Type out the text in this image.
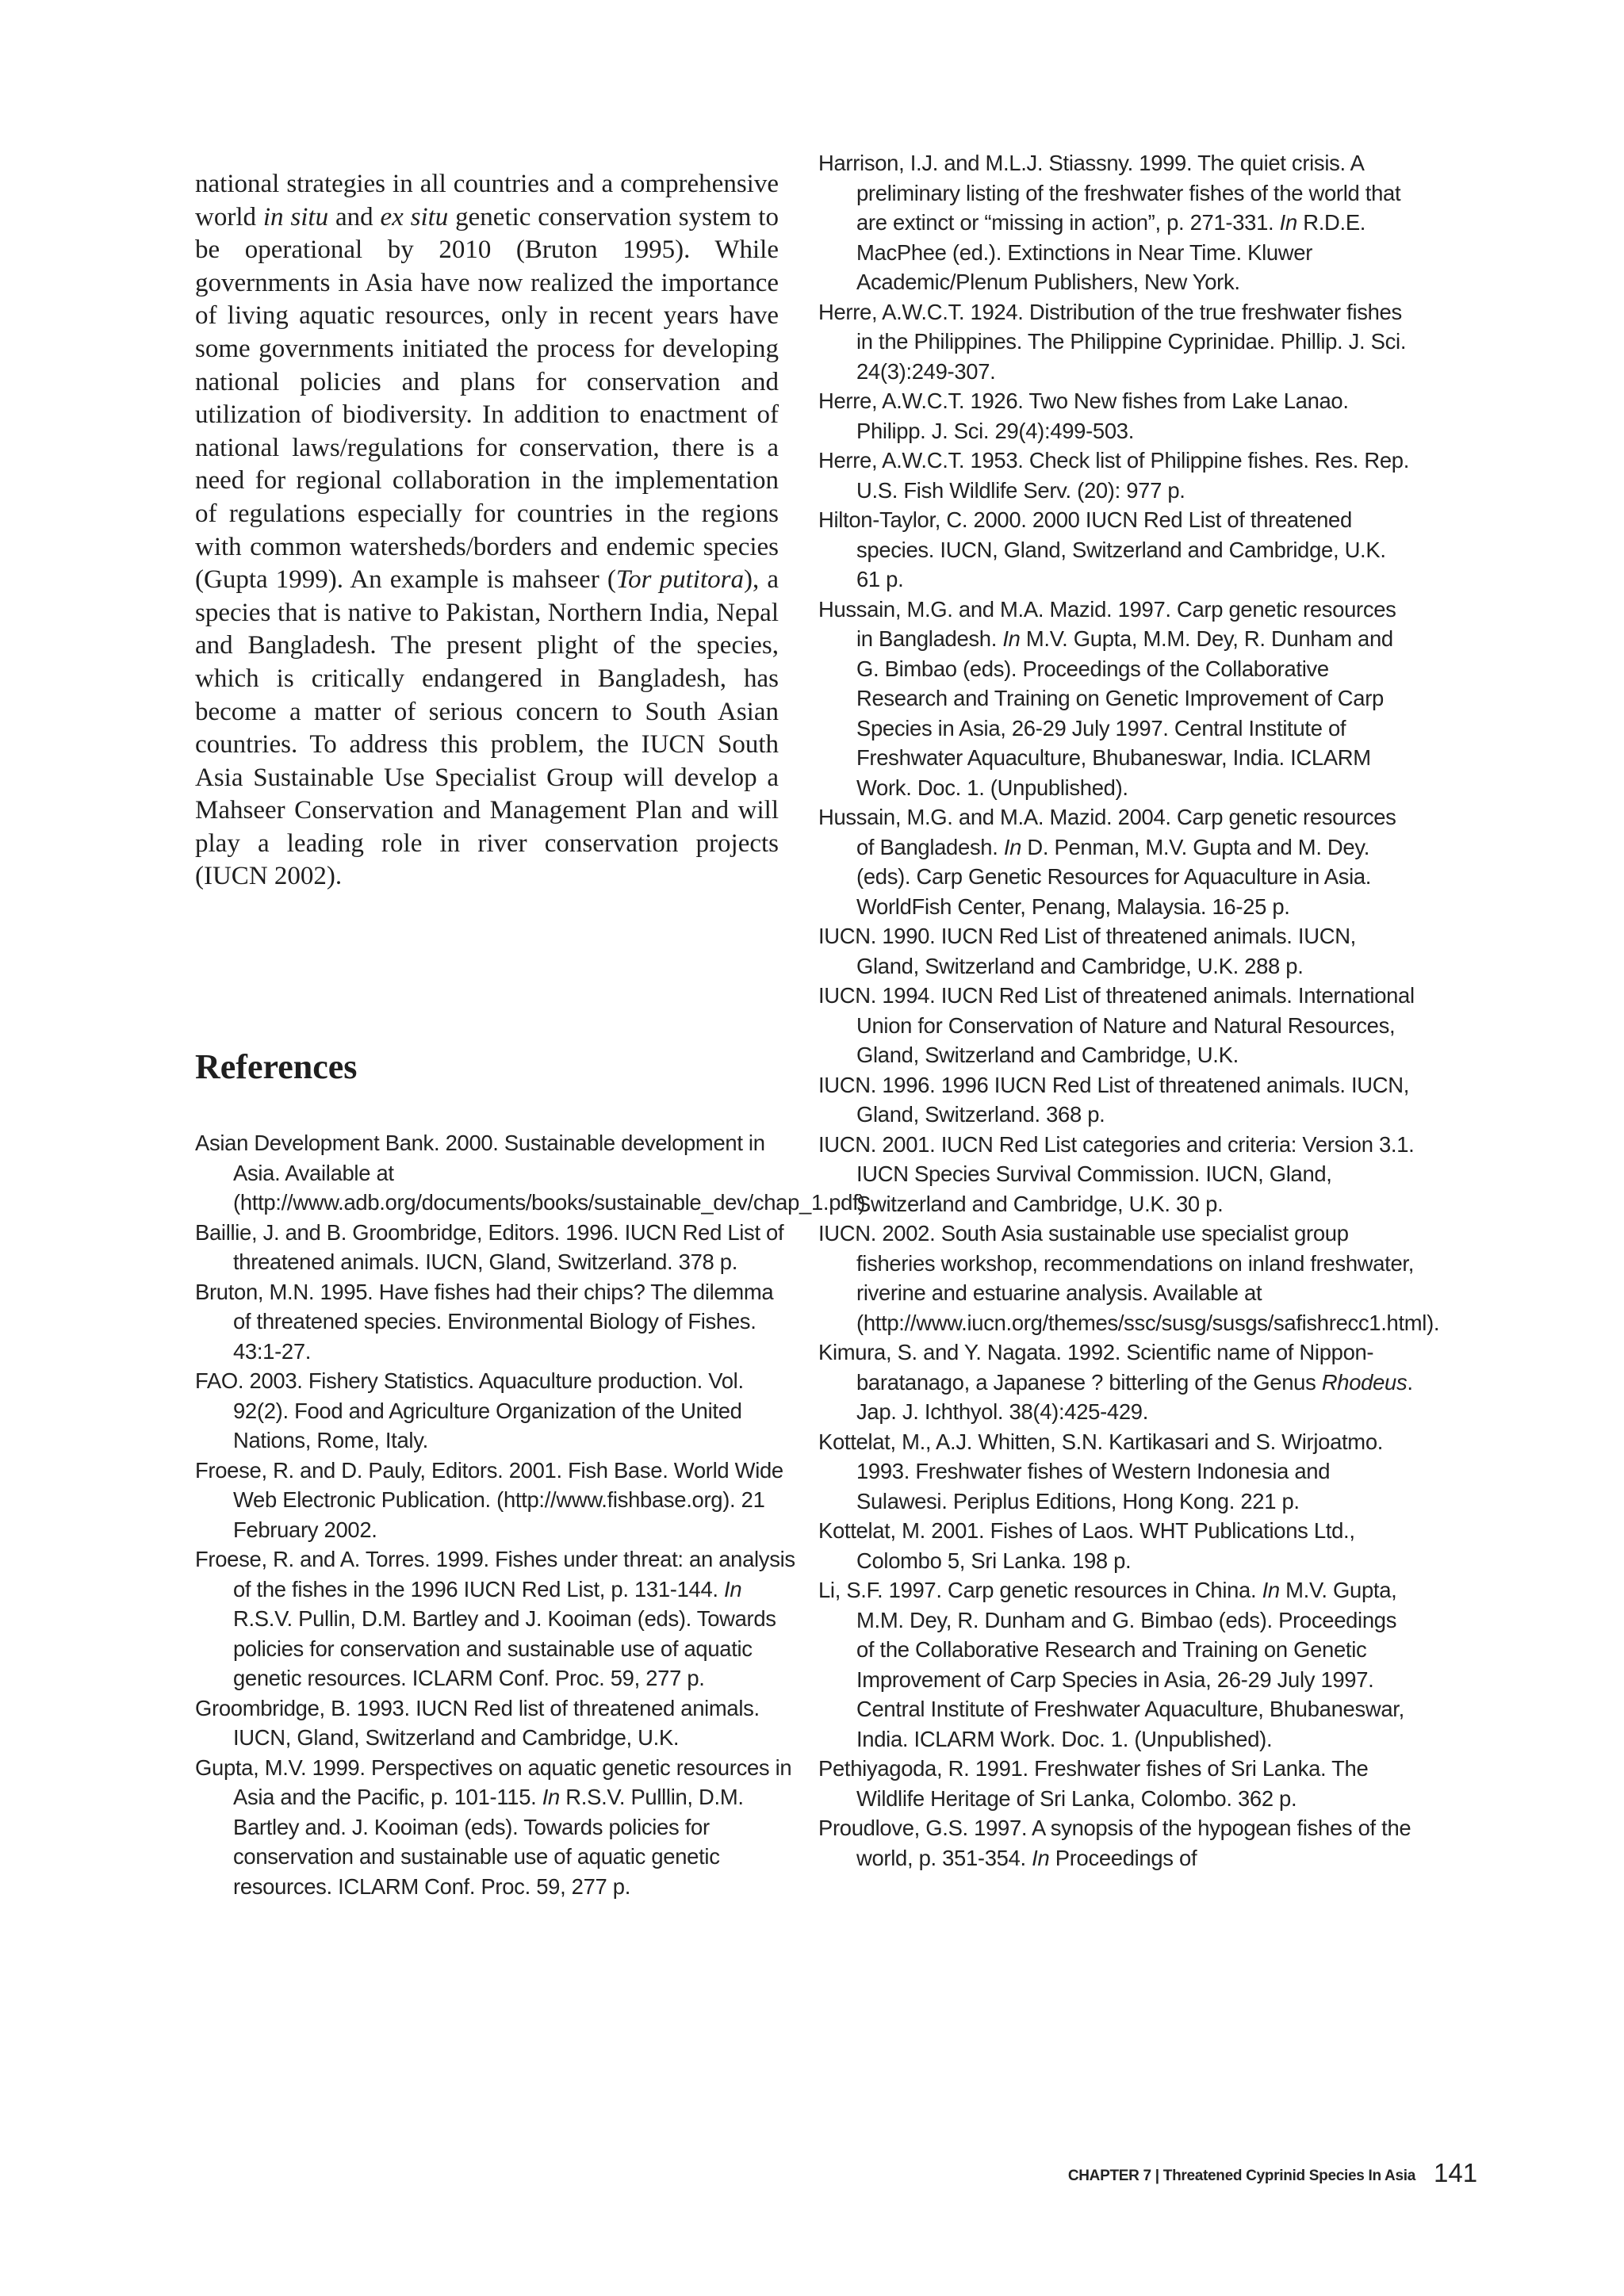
national strategies in all countries and a comprehensive world in situ and ex situ genetic conservation system to be operational by 2010 (Bruton 1995). While governments in Asia have now realized the importance of living aquatic resources, only in recent years have some governments initiated the process for developing national policies and plans for conservation and utilization of biodiversity. In addition to enactment of national laws/regulations for conservation, there is a need for regional collaboration in the implementation of regulations especially for countries in the regions with common watersheds/borders and endemic species (Gupta 1999). An example is mahseer (Tor putitora), a species that is native to Pakistan, Northern India, Nepal and Bangladesh. The present plight of the species, which is critically endangered in Bangladesh, has become a matter of serious concern to South Asian countries. To address this problem, the IUCN South Asia Sustainable Use Specialist Group will develop a Mahseer Conservation and Management Plan and will play a leading role in river conservation projects (IUCN 2002).

References
Asian Development Bank. 2000. Sustainable development in Asia. Available at (http://www.adb.org/documents/books/sustainable_dev/chap_1.pdf).
Baillie, J. and B. Groombridge, Editors. 1996. IUCN Red List of threatened animals. IUCN, Gland, Switzerland. 378 p.
Bruton, M.N. 1995. Have fishes had their chips? The dilemma of threatened species. Environmental Biology of Fishes. 43:1-27.
FAO. 2003. Fishery Statistics. Aquaculture production. Vol. 92(2). Food and Agriculture Organization of the United Nations, Rome, Italy.
Froese, R. and D. Pauly, Editors. 2001. Fish Base. World Wide Web Electronic Publication. (http://www.fishbase.org). 21 February 2002.
Froese, R. and A. Torres. 1999. Fishes under threat: an analysis of the fishes in the 1996 IUCN Red List, p. 131-144. In R.S.V. Pullin, D.M. Bartley and J. Kooiman (eds). Towards policies for conservation and sustainable use of aquatic genetic resources. ICLARM Conf. Proc. 59, 277 p.
Groombridge, B. 1993. IUCN Red list of threatened animals. IUCN, Gland, Switzerland and Cambridge, U.K.
Gupta, M.V. 1999. Perspectives on aquatic genetic resources in Asia and the Pacific, p. 101-115. In R.S.V. Pulllin, D.M. Bartley and. J. Kooiman (eds). Towards policies for conservation and sustainable use of aquatic genetic resources. ICLARM Conf. Proc. 59, 277 p.
Harrison, I.J. and M.L.J. Stiassny. 1999. The quiet crisis. A preliminary listing of the freshwater fishes of the world that are extinct or “missing in action”, p. 271-331. In R.D.E. MacPhee (ed.). Extinctions in Near Time. Kluwer Academic/Plenum Publishers, New York.
Herre, A.W.C.T. 1924. Distribution of the true freshwater fishes in the Philippines. The Philippine Cyprinidae. Phillip. J. Sci. 24(3):249-307.
Herre, A.W.C.T. 1926. Two New fishes from Lake Lanao. Philipp. J. Sci. 29(4):499-503.
Herre, A.W.C.T. 1953. Check list of Philippine fishes. Res. Rep. U.S. Fish Wildlife Serv. (20): 977 p.
Hilton-Taylor, C. 2000. 2000 IUCN Red List of threatened species. IUCN, Gland, Switzerland and Cambridge, U.K. 61 p.
Hussain, M.G. and M.A. Mazid. 1997. Carp genetic resources in Bangladesh. In M.V. Gupta, M.M. Dey, R. Dunham and G. Bimbao (eds). Proceedings of the Collaborative Research and Training on Genetic Improvement of Carp Species in Asia, 26-29 July 1997. Central Institute of Freshwater Aquaculture, Bhubaneswar, India. ICLARM Work. Doc. 1. (Unpublished).
Hussain, M.G. and M.A. Mazid. 2004. Carp genetic resources of Bangladesh. In D. Penman, M.V. Gupta and M. Dey. (eds). Carp Genetic Resources for Aquaculture in Asia. WorldFish Center, Penang, Malaysia. 16-25 p.
IUCN. 1990. IUCN Red List of threatened animals. IUCN, Gland, Switzerland and Cambridge, U.K. 288 p.
IUCN. 1994. IUCN Red List of threatened animals. International Union for Conservation of Nature and Natural Resources, Gland, Switzerland and Cambridge, U.K.
IUCN. 1996. 1996 IUCN Red List of threatened animals. IUCN, Gland, Switzerland. 368 p.
IUCN. 2001. IUCN Red List categories and criteria: Version 3.1. IUCN Species Survival Commission. IUCN, Gland, Switzerland and Cambridge, U.K. 30 p.
IUCN. 2002. South Asia sustainable use specialist group fisheries workshop, recommendations on inland freshwater, riverine and estuarine analysis. Available at (http://www.iucn.org/themes/ssc/susg/susgs/safishrecc1.html).
Kimura, S. and Y. Nagata. 1992. Scientific name of Nippon-baratanago, a Japanese ? bitterling of the Genus Rhodeus. Jap. J. Ichthyol. 38(4):425-429.
Kottelat, M., A.J. Whitten, S.N. Kartikasari and S. Wirjoatmo. 1993. Freshwater fishes of Western Indonesia and Sulawesi. Periplus Editions, Hong Kong. 221 p.
Kottelat, M. 2001. Fishes of Laos. WHT Publications Ltd., Colombo 5, Sri Lanka. 198 p.
Li, S.F. 1997. Carp genetic resources in China. In M.V. Gupta, M.M. Dey, R. Dunham and G. Bimbao (eds). Proceedings of the Collaborative Research and Training on Genetic Improvement of Carp Species in Asia, 26-29 July 1997. Central Institute of Freshwater Aquaculture, Bhubaneswar, India. ICLARM Work. Doc. 1. (Unpublished).
Pethiyagoda, R. 1991. Freshwater fishes of Sri Lanka. The Wildlife Heritage of Sri Lanka, Colombo. 362 p.
Proudlove, G.S. 1997. A synopsis of the hypogean fishes of the world, p. 351-354. In Proceedings of
CHAPTER 7 | Threatened Cyprinid Species In Asia 141
